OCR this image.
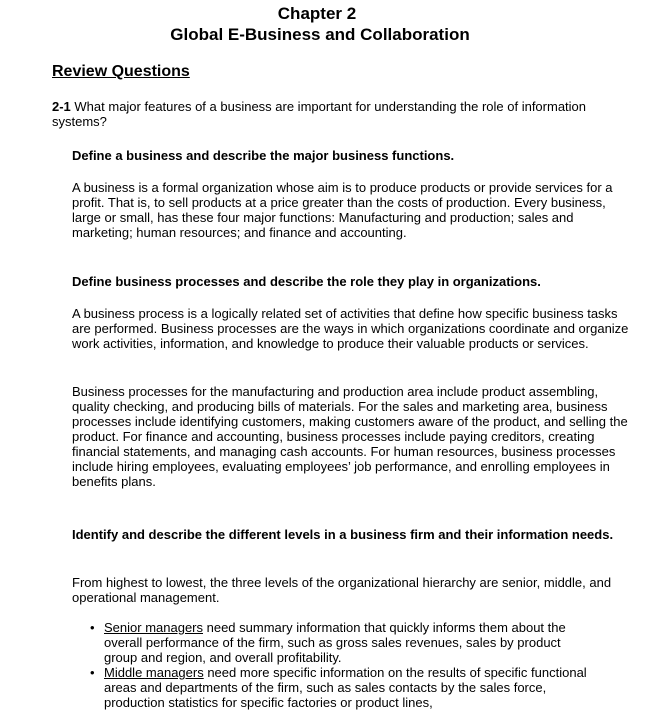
Chapter 2
Global E-Business and Collaboration
Review Questions
2-1 What major features of a business are important for understanding the role of information systems?
Define a business and describe the major business functions.
A business is a formal organization whose aim is to produce products or provide services for a profit. That is, to sell products at a price greater than the costs of production. Every business, large or small, has these four major functions: Manufacturing and production; sales and marketing; human resources; and finance and accounting.
Define business processes and describe the role they play in organizations.
A business process is a logically related set of activities that define how specific business tasks are performed. Business processes are the ways in which organizations coordinate and organize work activities, information, and knowledge to produce their valuable products or services.
Business processes for the manufacturing and production area include product assembling, quality checking, and producing bills of materials. For the sales and marketing area, business processes include identifying customers, making customers aware of the product, and selling the product. For finance and accounting, business processes include paying creditors, creating financial statements, and managing cash accounts. For human resources, business processes include hiring employees, evaluating employees’ job performance, and enrolling employees in benefits plans.
Identify and describe the different levels in a business firm and their information needs.
From highest to lowest, the three levels of the organizational hierarchy are senior, middle, and operational management.
• Senior managers need summary information that quickly informs them about the overall performance of the firm, such as gross sales revenues, sales by product group and region, and overall profitability.
• Middle managers need more specific information on the results of specific functional areas and departments of the firm, such as sales contacts by the sales force, production statistics for specific factories or product lines,
